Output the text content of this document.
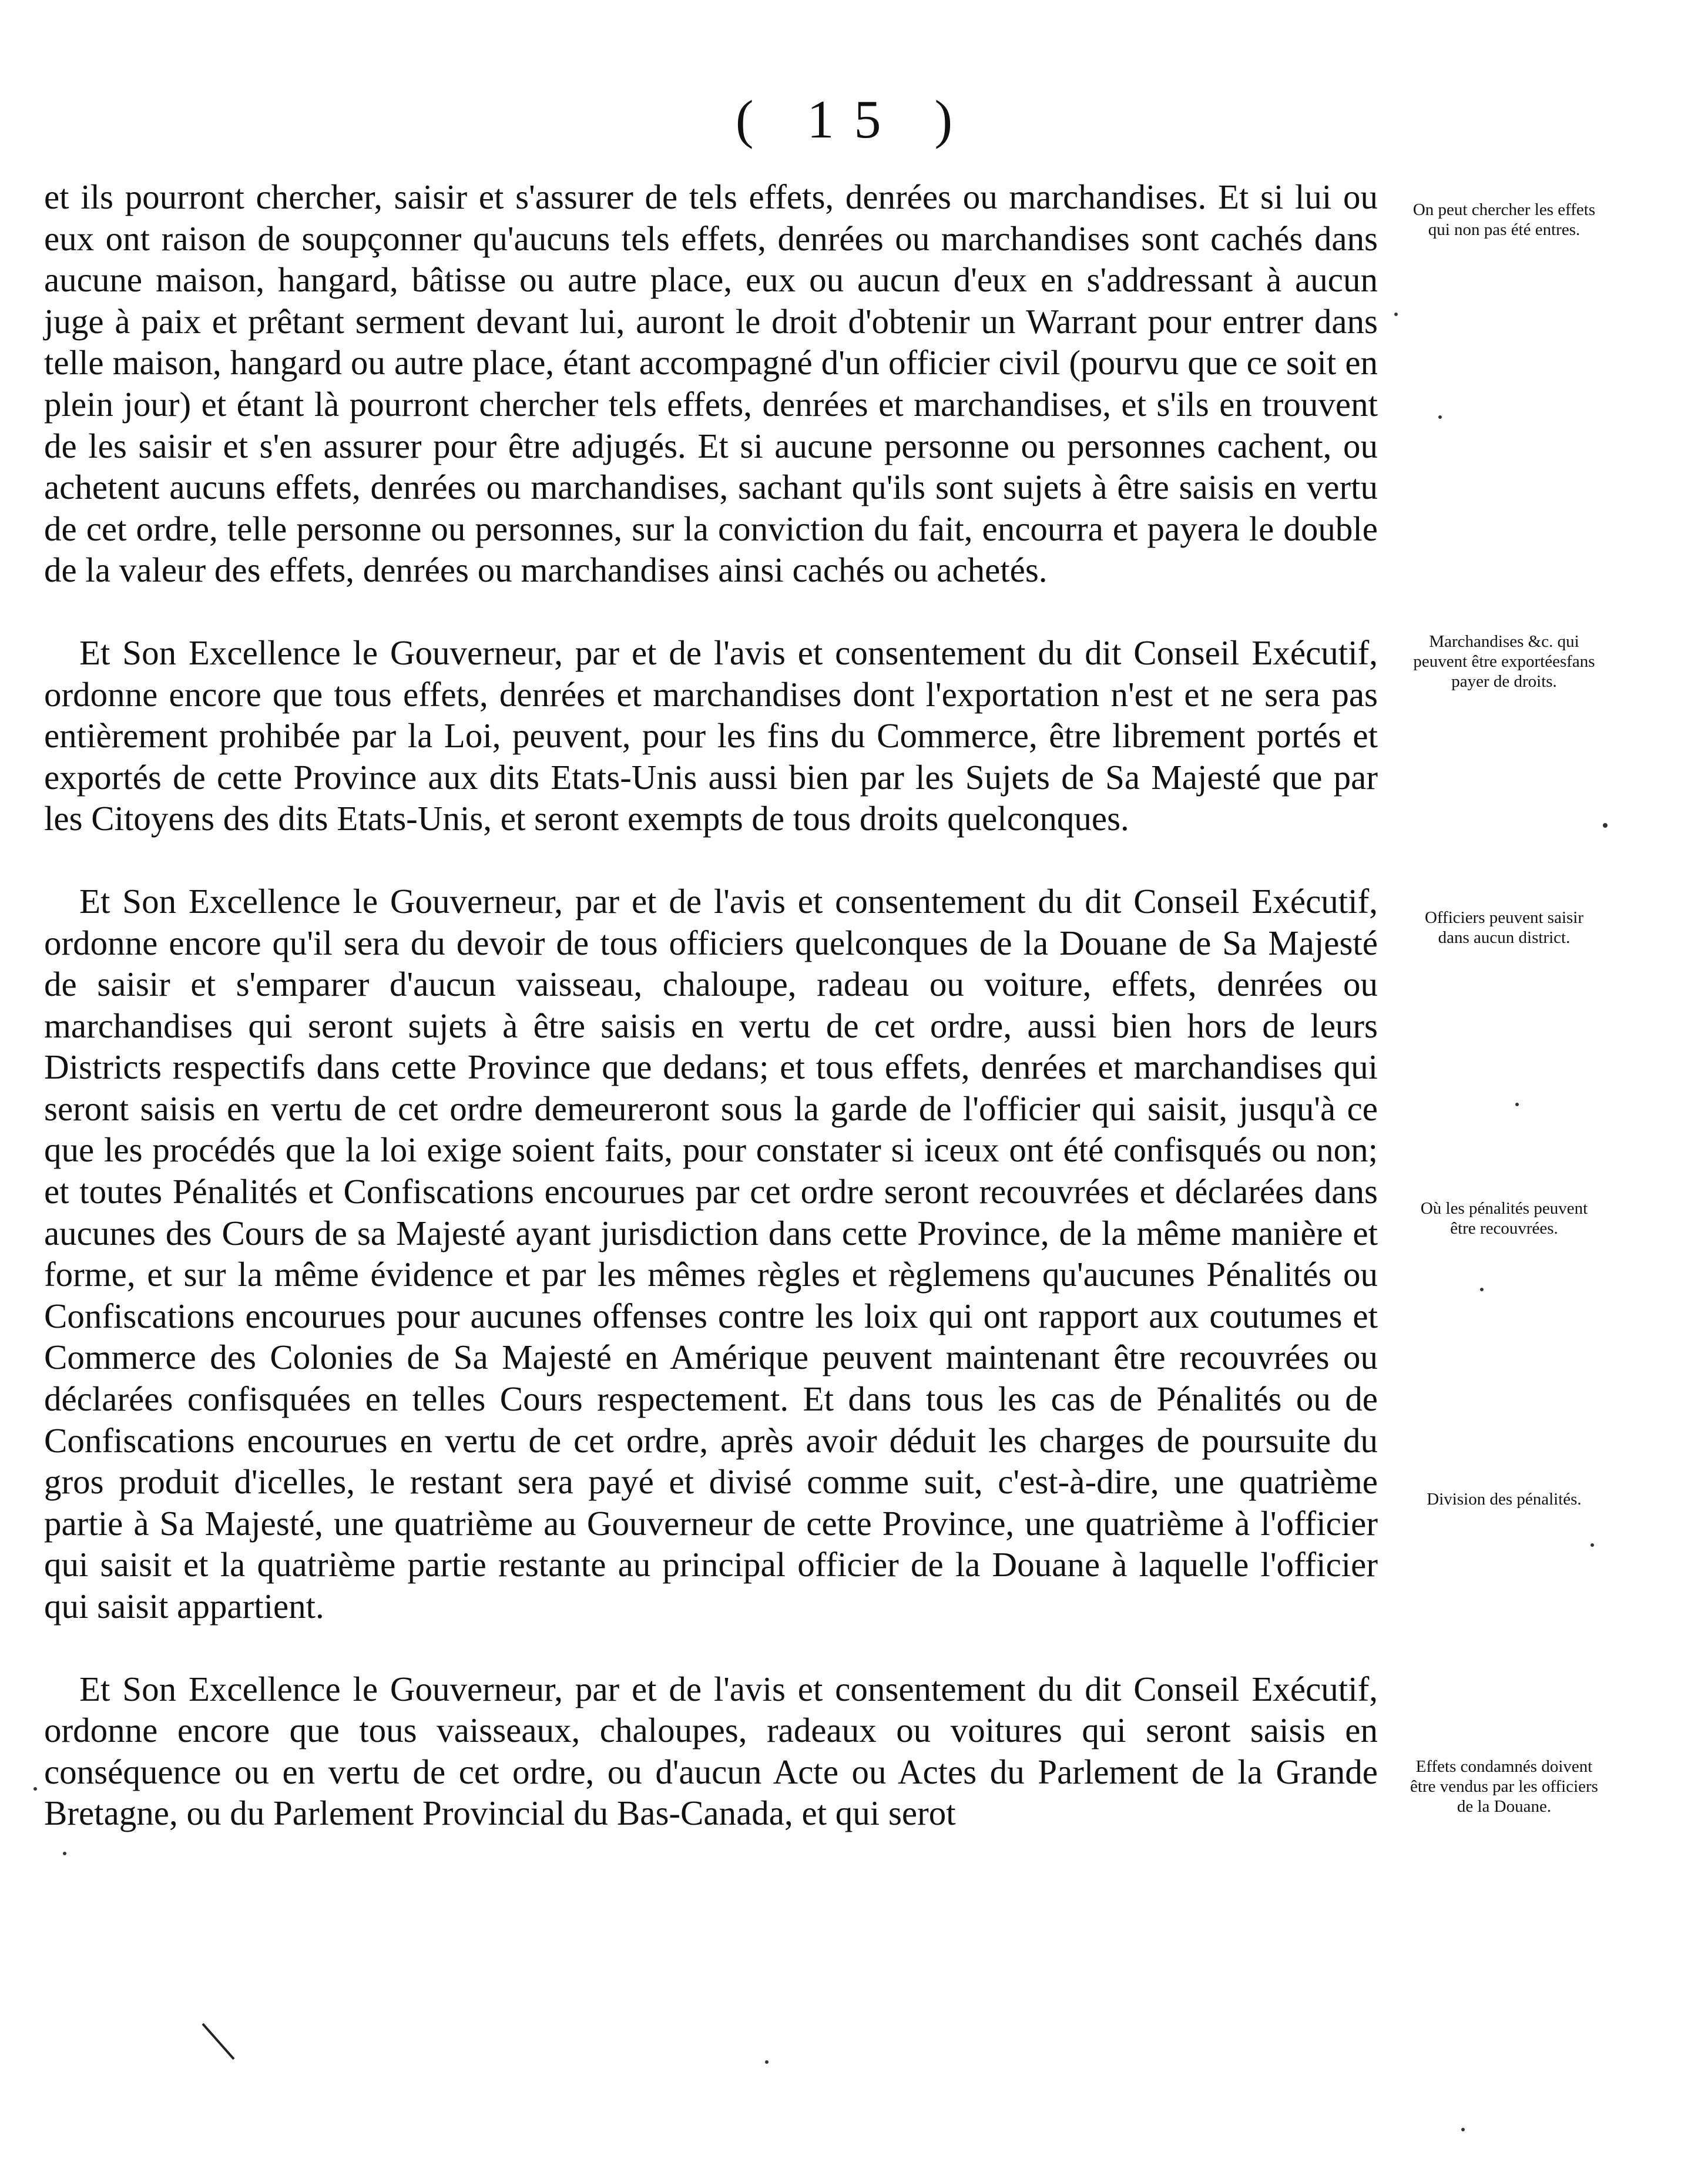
( 15 )

et ils pourront chercher, saisir et s'assurer de tels effets, denrées ou marchandises. Et si lui ou eux ont raison de soupçonner qu'aucuns tels effets, denrées ou marchandises sont cachés dans aucune maison, hangard, bâtisse ou autre place, eux ou aucun d'eux en s'addressant à aucun juge à paix et prêtant serment devant lui, auront le droit d'obtenir un Warrant pour entrer dans telle maison, hangard ou autre place, étant accompagné d'un officier civil (pourvu que ce soit en plein jour) et étant là pourront chercher tels effets, denrées et marchandises, et s'ils en trouvent de les saisir et s'en assurer pour être adjugés. Et si aucune personne ou personnes cachent, ou achetent aucuns effets, denrées ou marchandises, sachant qu'ils sont sujets à être saisis en vertu de cet ordre, telle personne ou personnes, sur la conviction du fait, encourra et payera le double de la valeur des effets, denrées ou marchandises ainsi cachés ou achetés.

Et Son Excellence le Gouverneur, par et de l'avis et consentement du dit Conseil Exécutif, ordonne encore que tous effets, denrées et marchandises dont l'exportation n'est et ne sera pas entièrement prohibée par la Loi, peuvent, pour les fins du Commerce, être librement portés et exportés de cette Province aux dits Etats-Unis aussi bien par les Sujets de Sa Majesté que par les Citoyens des dits Etats-Unis, et seront exempts de tous droits quelconques.

Et Son Excellence le Gouverneur, par et de l'avis et consentement du dit Conseil Exécutif, ordonne encore qu'il sera du devoir de tous officiers quelconques de la Douane de Sa Majesté de saisir et s'emparer d'aucun vaisseau, chaloupe, radeau ou voiture, effets, denrées ou marchandises qui seront sujets à être saisis en vertu de cet ordre, aussi bien hors de leurs Districts respectifs dans cette Province que dedans; et tous effets, denrées et marchandises qui seront saisis en vertu de cet ordre demeureront sous la garde de l'officier qui saisit, jusqu'à ce que les procédés que la loi exige soient faits, pour constater si iceux ont été confisqués ou non; et toutes Pénalités et Confiscations encourues par cet ordre seront recouvrées et déclarées dans aucunes des Cours de sa Majesté ayant jurisdiction dans cette Province, de la même manière et forme, et sur la même évidence et par les mêmes règles et règlemens qu'aucunes Pénalités ou Confiscations encourues pour aucunes offenses contre les loix qui ont rapport aux coutumes et Commerce des Colonies de Sa Majesté en Amérique peuvent maintenant être recouvrées ou déclarées confisquées en telles Cours respectement. Et dans tous les cas de Pénalités ou de Confiscations encourues en vertu de cet ordre, après avoir déduit les charges de poursuite du gros produit d'icelles, le restant sera payé et divisé comme suit, c'est-à-dire, une quatrième partie à Sa Majesté, une quatrième au Gouverneur de cette Province, une quatrième à l'officier qui saisit et la quatrième partie restante au principal officier de la Douane à laquelle l'officier qui saisit appartient.

Et Son Excellence le Gouverneur, par et de l'avis et consentement du dit Conseil Exécutif, ordonne encore que tous vaisseaux, chaloupes, radeaux ou voitures qui seront saisis en conséquence ou en vertu de cet ordre, ou d'aucun Acte ou Actes du Parlement de la Grande Bretagne, ou du Parlement Provincial du Bas-Canada, et qui serot

On peut chercher les effets qui non pas été entres.
Marchandises &c. qui peuvent être exportéesfans payer de droits.
Officiers peuvent saisir dans aucun district.
Où les pénalités peuvent être recouvrées.
Division des pénalités.
Effets condamnés doivent être vendus par les officiers de la Douane.
